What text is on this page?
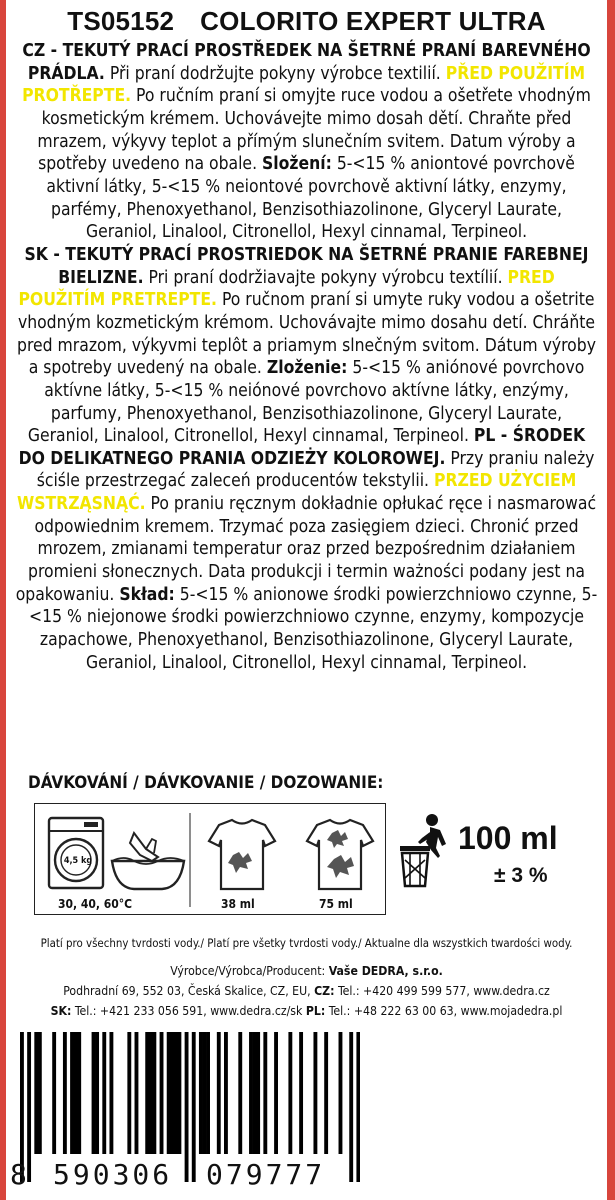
TS05152 COLORITO EXPERT ULTRA
CZ - TEKUTÝ PRACÍ PROSTŘEDEK NA ŠETRNÉ PRANÍ BAREVNÉHO PRÁDLA. Při praní dodržujte pokyny výrobce textilií. PŘED POUŽITÍM PROTŘEPTE. Po ručním praní si omyjte ruce vodou a ošetřete vhodným kosmetickým krémem. Uchovávejte mimo dosah dětí. Chraňte před mrazem, výkyvy teplot a přímým slunečním svitem. Datum výroby a spotřeby uvedeno na obale. Složení: 5-<15 % aniontové povrchově aktivní látky, 5-<15 % neiontové povrchově aktivní látky, enzymy, parfémy, Phenoxyethanol, Benzisothiazolinone, Glyceryl Laurate, Geraniol, Linalool, Citronellol, Hexyl cinnamal, Terpineol.
SK - TEKUTÝ PRACÍ PROSTRIEDOK NA ŠETRNÉ PRANIE FAREBNEJ BIELIZNE. Pri praní dodržiavajte pokyny výrobcu textílií. PRED POUŽITÍM PRETREPTE. Po ručnom praní si umyte ruky vodou a ošetrite vhodným kozmetickým krémom. Uchovávajte mimo dosahu detí. Chráňte pred mrazom, výkyvmi teplôt a priamym slnečným svitom. Dátum výroby a spotreby uvedený na obale. Zloženie: 5-<15 % aniónové povrchovo aktívne látky, 5-<15 % neiónové povrchovo aktívne látky, enzýmy, parfumy, Phenoxyethanol, Benzisothiazolinone, Glyceryl Laurate, Geraniol, Linalool, Citronellol, Hexyl cinnamal, Terpineol. PL - ŚRODEK DO DELIKATNEGO PRANIA ODZIEŻY KOLOROWEJ. Przy praniu należy ściśle przestrzegać zaleceń producentów tekstylii. PRZED UŻYCIEM WSTRZĄSNĄĆ. Po praniu ręcznym dokładnie opłukać ręce i nasmarować odpowiednim kremem. Trzymać poza zasięgiem dzieci. Chronić przed mrozem, zmianami temperatur oraz przed bezpośrednim działaniem promieni słonecznych. Data produkcji i termin ważności podany jest na opakowaniu. Skład: 5-<15 % anionowe środki powierzchniowo czynne, 5-<15 % niejonowe środki powierzchniowo czynne, enzymy, kompozycje zapachowe, Phenoxyethanol, Benzisothiazolinone, Glyceryl Laurate, Geraniol, Linalool, Citronellol, Hexyl cinnamal, Terpineol.
DÁVKOVÁNÍ / DÁVKOVANIE / DOZOWANIE:
4,5 kg
30, 40, 60°C	38 ml	75 ml
100 ml
± 3 %
Platí pro všechny tvrdosti vody./ Platí pre všetky tvrdosti vody./ Aktualne dla wszystkich twardości wody.
Výrobce/Výrobca/Producent: Vaše DEDRA, s.r.o.
Podhradní 69, 552 03, Česká Skalice, CZ, EU, CZ: Tel.: +420 499 599 577, www.dedra.cz
SK: Tel.: +421 233 056 591, www.dedra.cz/sk PL: Tel.: +48 222 63 00 63, www.mojadedra.pl
8 590306 079777
